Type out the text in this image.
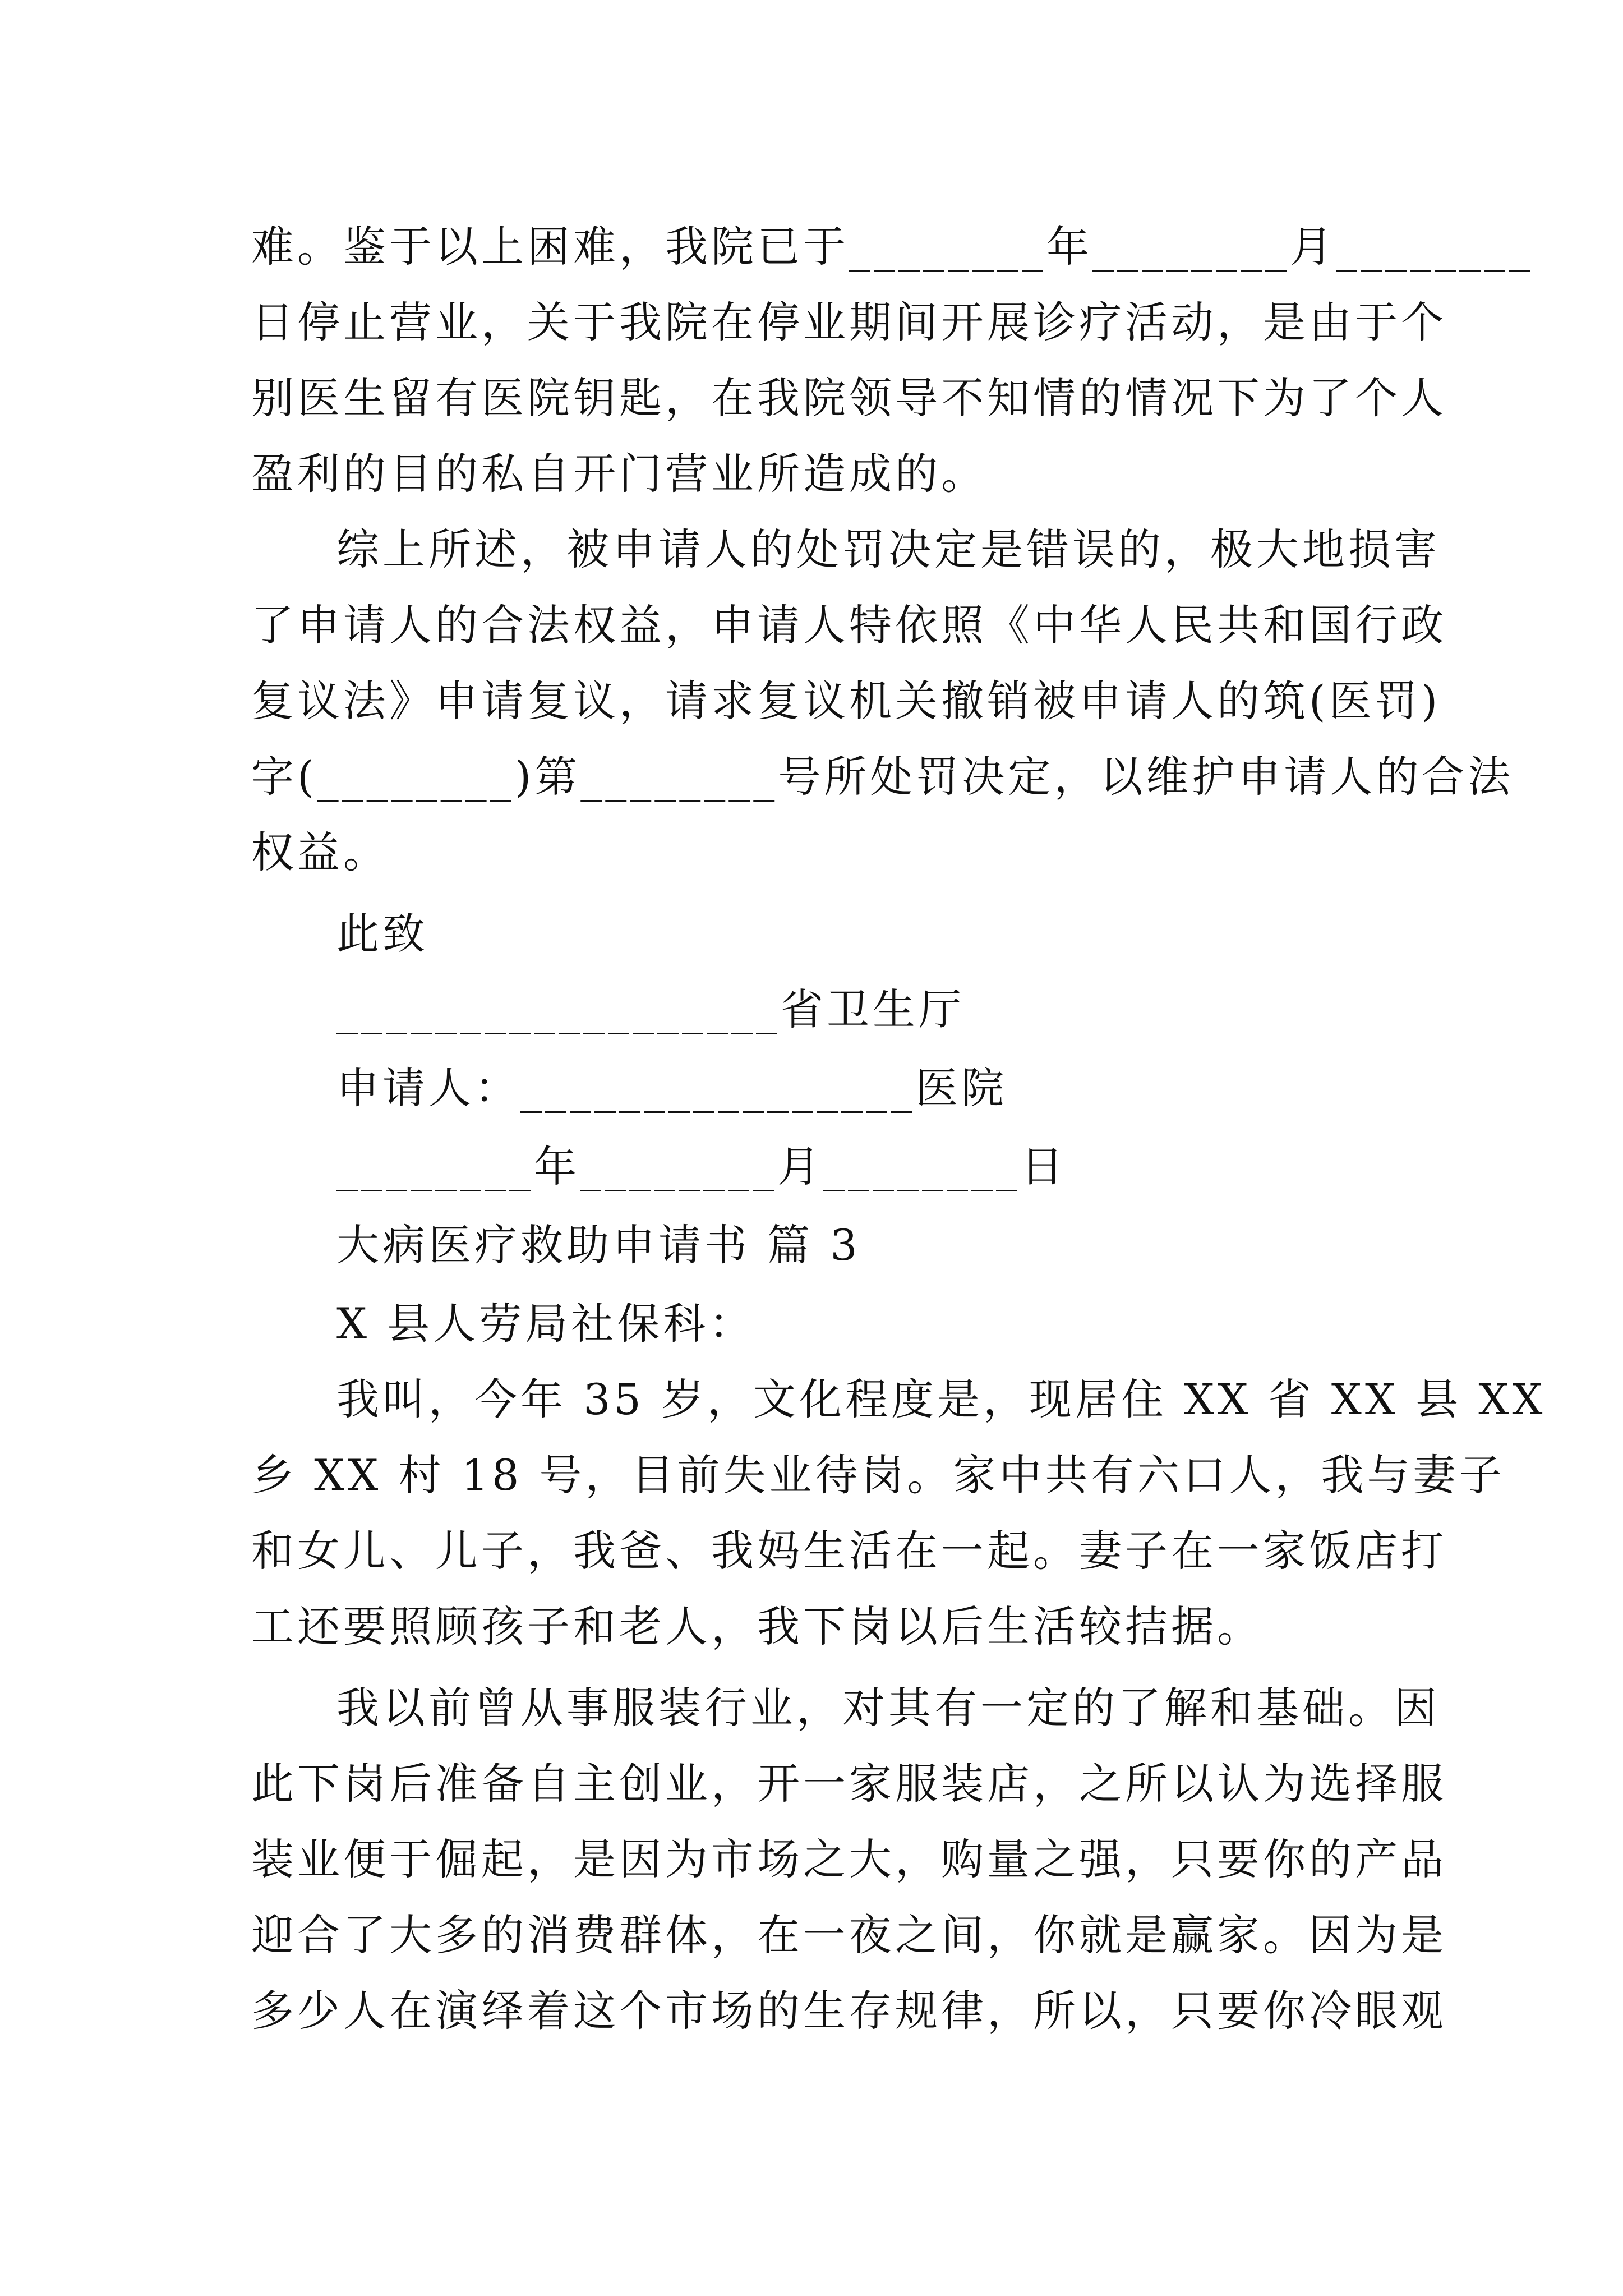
难。鉴于以上困难，我院已于________年________月________
日停止营业，关于我院在停业期间开展诊疗活动，是由于个
别医生留有医院钥匙，在我院领导不知情的情况下为了个人
盈利的目的私自开门营业所造成的。
综上所述，被申请人的处罚决定是错误的，极大地损害
了申请人的合法权益，申请人特依照《中华人民共和国行政
复议法》申请复议，请求复议机关撤销被申请人的筑(医罚)
字(________)第________号所处罚决定，以维护申请人的合法
权益。
此致
__________________省卫生厅
申请人：________________医院
________年________月________日
大病医疗救助申请书 篇 3
X 县人劳局社保科：
我叫，今年 35 岁，文化程度是，现居住 XX 省 XX 县 XX
乡 XX 村 18 号，目前失业待岗。家中共有六口人，我与妻子
和女儿、儿子，我爸、我妈生活在一起。妻子在一家饭店打
工还要照顾孩子和老人，我下岗以后生活较拮据。
我以前曾从事服装行业，对其有一定的了解和基础。因
此下岗后准备自主创业，开一家服装店，之所以认为选择服
装业便于倔起，是因为市场之大，购量之强，只要你的产品
迎合了大多的消费群体，在一夜之间，你就是赢家。因为是
多少人在演绎着这个市场的生存规律，所以，只要你冷眼观
